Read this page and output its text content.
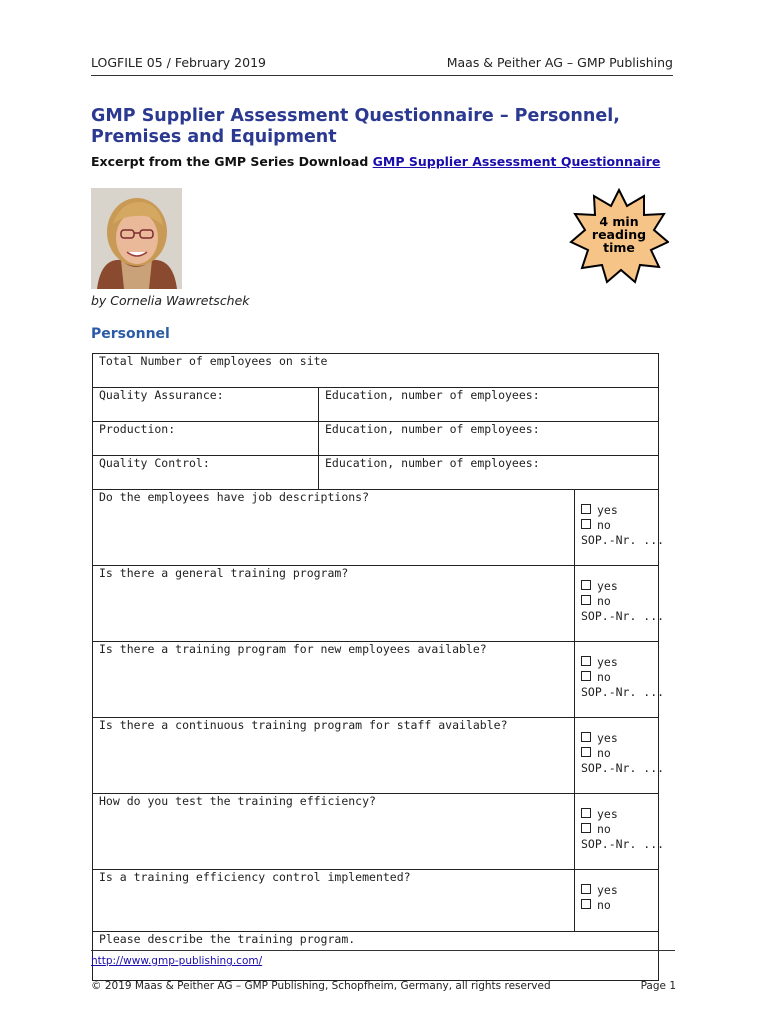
LOGFILE 05 / February 2019	Maas & Peither AG – GMP Publishing
GMP Supplier Assessment Questionnaire – Personnel, Premises and Equipment
Excerpt from the GMP Series Download GMP Supplier Assessment Questionnaire
by Cornelia Wawretschek
4 min
reading
time
Personnel
Total Number of employees on site		
Quality Assurance:	Education, number of employees:	
Production:	Education, number of employees:	
Quality Control:	Education, number of employees:	
Do the employees have job descriptions?		yes
no
SOP.-Nr. ...

Is there a general training program?		yes
no
SOP.-Nr. ...

Is there a training program for new employees available?		yes
no
SOP.-Nr. ...

Is there a continuous training program for staff available?		yes
no
SOP.-Nr. ...

How do you test the training efficiency?		yes
no
SOP.-Nr. ...

Is a training efficiency control implemented?		yes
no

Please describe the training program.		
http://www.gmp-publishing.com/
© 2019 Maas & Peither AG – GMP Publishing, Schopfheim, Germany, all rights reserved	Page 1
